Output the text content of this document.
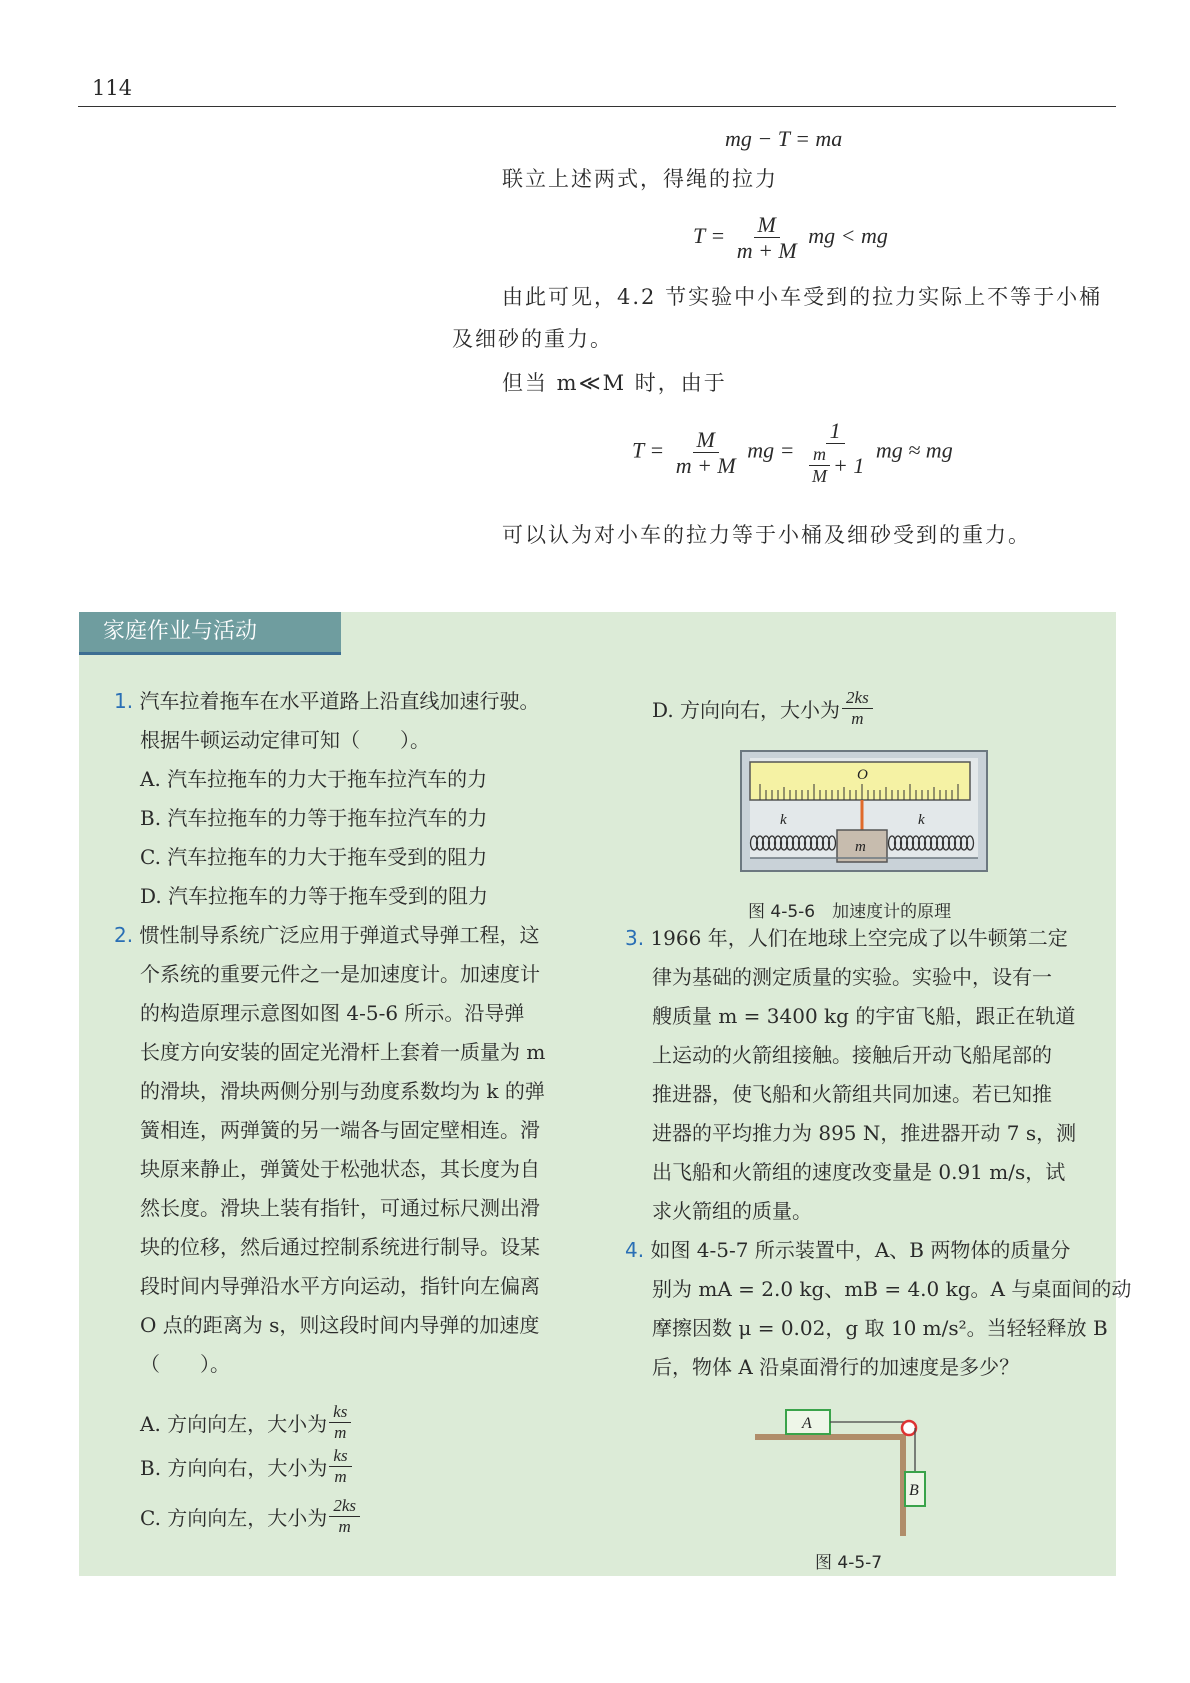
114
mg − T = ma
联立上述两式，得绳的拉力
$T = \frac{M}{m + M}$ mg < mg
由此可见，4.2 节实验中小车受到的拉力实际上不等于小桶
及细砂的重力。
但当 m≪M 时，由于
$T = \frac{M}{m + M}$ mg = $\frac{1}{\frac{m}{M} + 1}$ mg ≈ mg
可以认为对小车的拉力等于小桶及细砂受到的重力。
家庭作业与活动
1. 汽车拉着拖车在水平道路上沿直线加速行驶。
根据牛顿运动定律可知（　　）。
A. 汽车拉拖车的力大于拖车拉汽车的力
B. 汽车拉拖车的力等于拖车拉汽车的力
C. 汽车拉拖车的力大于拖车受到的阻力
D. 汽车拉拖车的力等于拖车受到的阻力
2. 惯性制导系统广泛应用于弹道式导弹工程，这
个系统的重要元件之一是加速度计。加速度计
的构造原理示意图如图 4-5-6 所示。沿导弹
长度方向安装的固定光滑杆上套着一质量为 m
的滑块，滑块两侧分别与劲度系数均为 k 的弹
簧相连，两弹簧的另一端各与固定壁相连。滑
块原来静止，弹簧处于松弛状态，其长度为自
然长度。滑块上装有指针，可通过标尺测出滑
块的位移，然后通过控制系统进行制导。设某
段时间内导弹沿水平方向运动，指针向左偏离
O 点的距离为 s，则这段时间内导弹的加速度
（　　）。
A. 方向向左，大小为 $\frac{ks}{m}$
B. 方向向右，大小为 $\frac{ks}{m}$
C. 方向向左，大小为 $\frac{2ks}{m}$
D. 方向向右，大小为 $\frac{2ks}{m}$
O
k	k
m
图 4-5-6　加速度计的原理
3. 1966 年，人们在地球上空完成了以牛顿第二定
律为基础的测定质量的实验。实验中，设有一
艘质量 m = 3400 kg 的宇宙飞船，跟正在轨道
上运动的火箭组接触。接触后开动飞船尾部的
推进器，使飞船和火箭组共同加速。若已知推
进器的平均推力为 895 N，推进器开动 7 s，测
出飞船和火箭组的速度改变量是 0.91 m/s，试
求火箭组的质量。
4. 如图 4-5-7 所示装置中，A、B 两物体的质量分
别为 mA = 2.0 kg、mB = 4.0 kg。A 与桌面间的动
摩擦因数 μ = 0.02，g 取 10 m/s²。当轻轻释放 B
后，物体 A 沿桌面滑行的加速度是多少？
A
B
图 4-5-7
